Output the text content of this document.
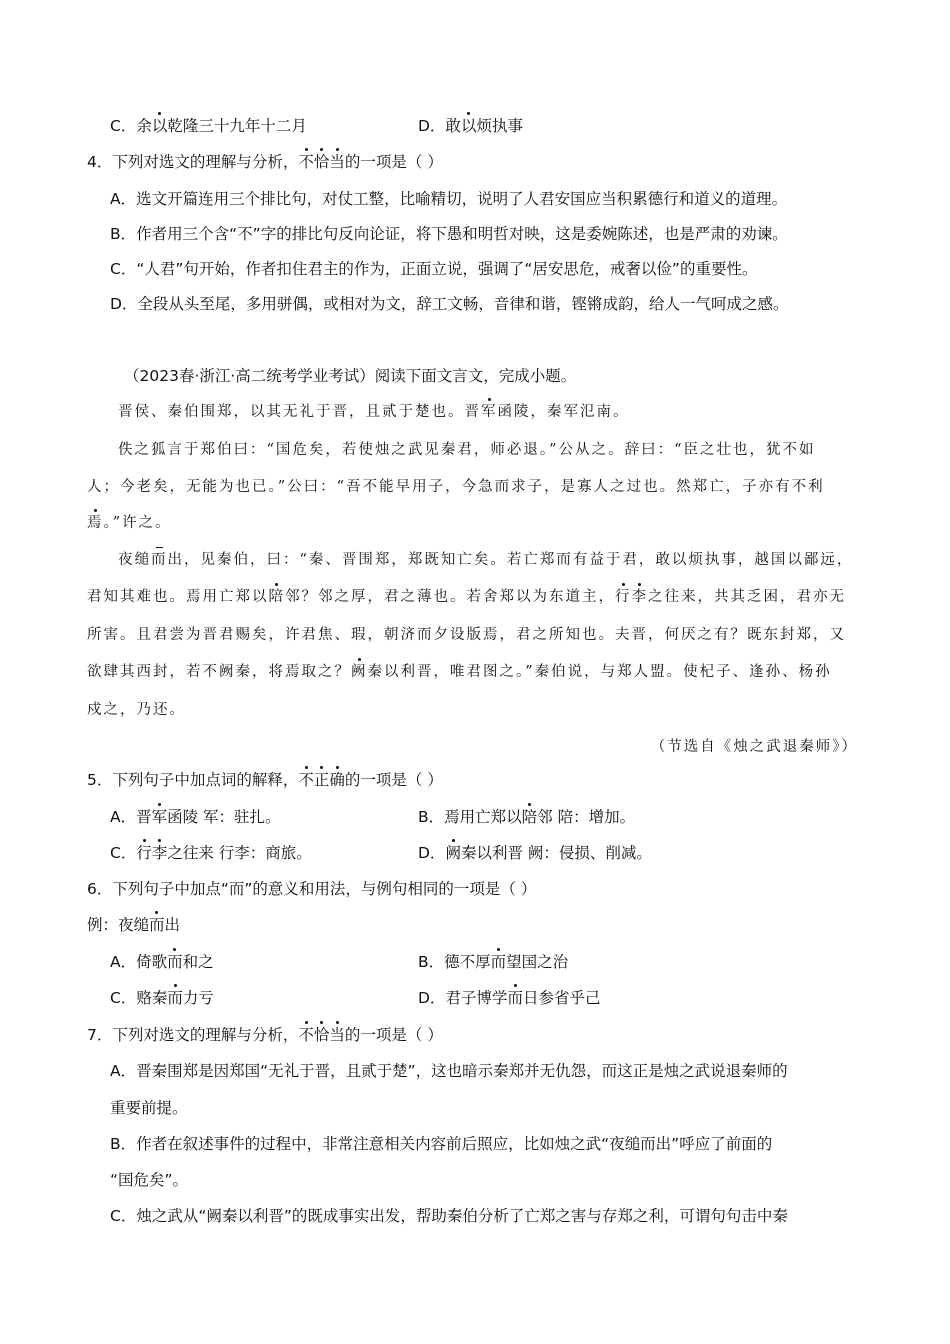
C．余以乾隆三十九年十二月	D．敢以烦执事
4．下列对选文的理解与分析，不恰当的一项是（ ）
A．选文开篇连用三个排比句，对仗工整，比喻精切，说明了人君安国应当积累德行和道义的道理。
B．作者用三个含“不”字的排比句反向论证，将下愚和明哲对映，这是委婉陈述，也是严肃的劝谏。
C．“人君”句开始，作者扣住君主的作为，正面立说，强调了“居安思危，戒奢以俭”的重要性。
D．全段从头至尾，多用骈偶，或相对为文，辞工文畅，音律和谐，铿锵成韵，给人一气呵成之感。
（2023春·浙江·高二统考学业考试）阅读下面文言文，完成小题。
晋侯、秦伯围郑，以其无礼于晋，且贰于楚也。晋军函陵，秦军氾南。
佚之狐言于郑伯曰：“国危矣，若使烛之武见秦君，师必退。”公从之。辞曰：“臣之壮也，犹不如
人；今老矣，无能为也已。”公曰：“吾不能早用子，今急而求子，是寡人之过也。然郑亡，子亦有不利
焉。”许之。
夜缒而出，见秦伯，曰：“秦、晋围郑，郑既知亡矣。若亡郑而有益于君，敢以烦执事，越国以鄙远，
君知其难也。焉用亡郑以陪邻？邻之厚，君之薄也。若舍郑以为东道主，行李之往来，共其乏困，君亦无
所害。且君尝为晋君赐矣，许君焦、瑕，朝济而夕设版焉，君之所知也。夫晋，何厌之有？既东封郑，又
欲肆其西封，若不阙秦，将焉取之？阙秦以利晋，唯君图之。”秦伯说，与郑人盟。使杞子、逢孙、杨孙
戍之，乃还。
（节选自《烛之武退秦师》）
5．下列句子中加点词的解释，不正确的一项是（ ）
A．晋军函陵 军：驻扎。	B．焉用亡郑以陪邻 陪：增加。
C．行李之往来 行李：商旅。	D．阙秦以利晋 阙：侵损、削减。
6．下列句子中加点“而”的意义和用法，与例句相同的一项是（ ）
例：夜缒而出
A．倚歌而和之	B．德不厚而望国之治
C．赂秦而力亏	D．君子博学而日参省乎己
7．下列对选文的理解与分析，不恰当的一项是（ ）
A．晋秦围郑是因郑国“无礼于晋，且贰于楚”，这也暗示秦郑并无仇怨，而这正是烛之武说退秦师的
重要前提。
B．作者在叙述事件的过程中，非常注意相关内容前后照应，比如烛之武“夜缒而出”呼应了前面的
“国危矣”。
C．烛之武从“阙秦以利晋”的既成事实出发，帮助秦伯分析了亡郑之害与存郑之利，可谓句句击中秦
